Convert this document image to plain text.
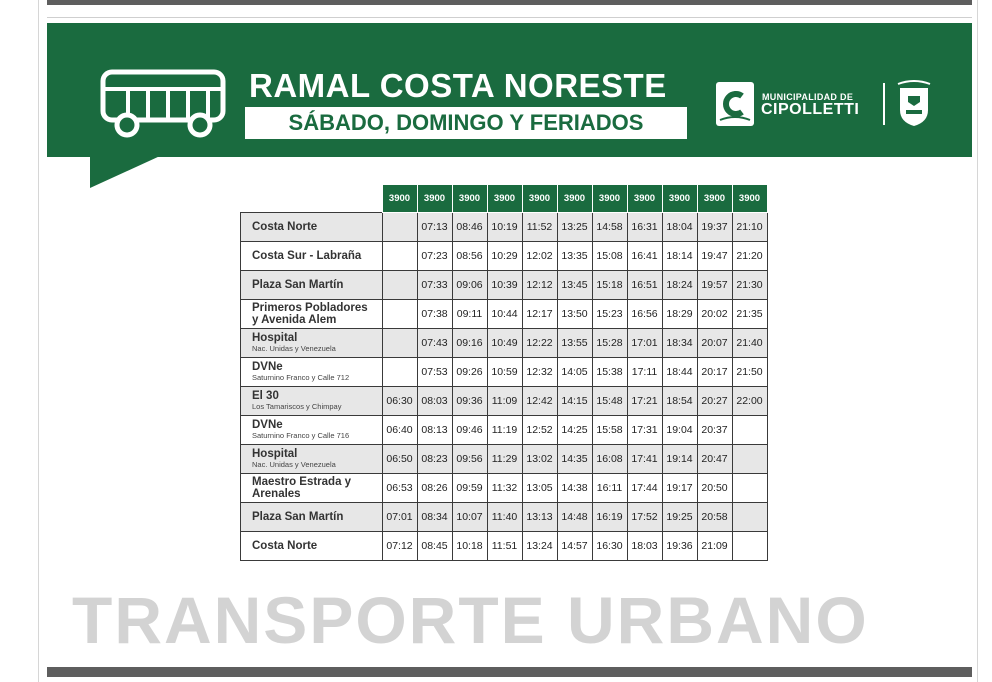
RAMAL COSTA NORESTE
SÁBADO, DOMINGO Y FERIADOS
MUNICIPALIDAD DE
CIPOLLETTI
	3900	3900	3900	3900	3900	3900	3900	3900	3900	3900	3900

Costa Norte		07:13	08:46	10:19	11:52	13:25	14:58	16:31	18:04	19:37	21:10

Costa Sur - Labraña		07:23	08:56	10:29	12:02	13:35	15:08	16:41	18:14	19:47	21:20

Plaza San Martín		07:33	09:06	10:39	12:12	13:45	15:18	16:51	18:24	19:57	21:30

Primeros Pobladores y Avenida Alem		07:38	09:11	10:44	12:17	13:50	15:23	16:56	18:29	20:02	21:35

Hospital
Nac. Unidas y Venezuela		07:43	09:16	10:49	12:22	13:55	15:28	17:01	18:34	20:07	21:40

DVNe
Saturnino Franco y Calle 712		07:53	09:26	10:59	12:32	14:05	15:38	17:11	18:44	20:17	21:50

El 30
Los Tamariscos y Chimpay	06:30	08:03	09:36	11:09	12:42	14:15	15:48	17:21	18:54	20:27	22:00

DVNe
Saturnino Franco y Calle 716	06:40	08:13	09:46	11:19	12:52	14:25	15:58	17:31	19:04	20:37	

Hospital
Nac. Unidas y Venezuela	06:50	08:23	09:56	11:29	13:02	14:35	16:08	17:41	19:14	20:47	

Maestro Estrada y Arenales	06:53	08:26	09:59	11:32	13:05	14:38	16:11	17:44	19:17	20:50	

Plaza San Martín	07:01	08:34	10:07	11:40	13:13	14:48	16:19	17:52	19:25	20:58	

Costa Norte	07:12	08:45	10:18	11:51	13:24	14:57	16:30	18:03	19:36	21:09	
TRANSPORTE URBANO
